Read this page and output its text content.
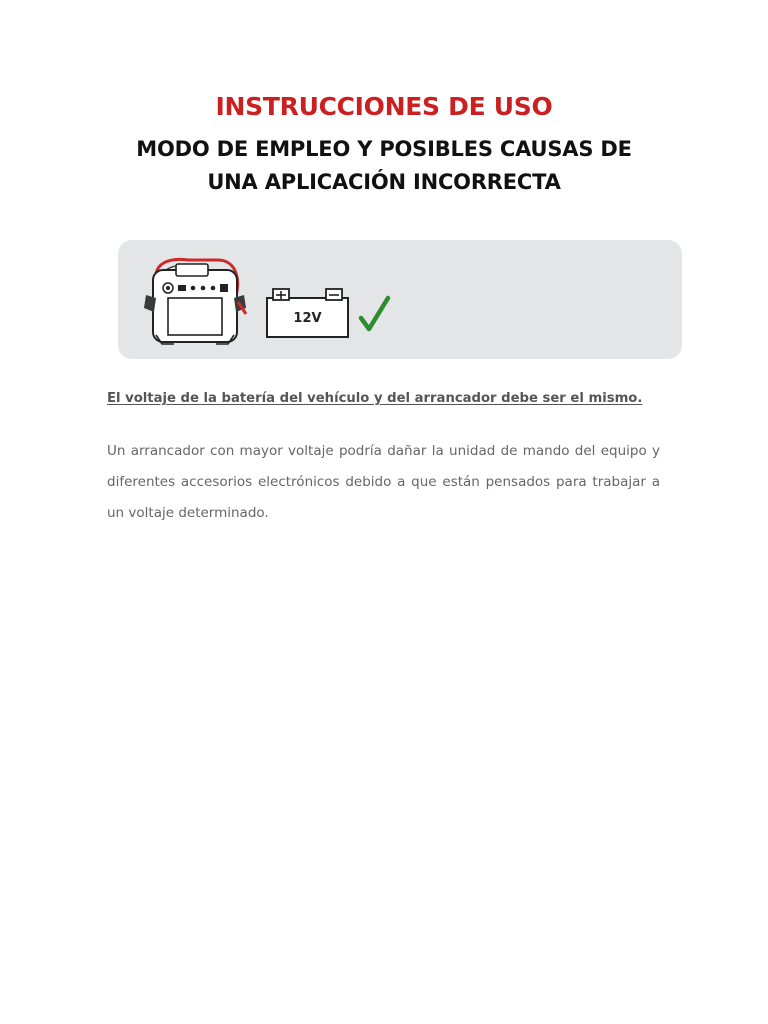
INSTRUCCIONES DE USO
MODO DE EMPLEO Y POSIBLES CAUSAS DE
UNA APLICACIÓN INCORRECTA
12V

El voltaje de la batería del vehículo y del arrancador debe ser el mismo.

Un arrancador con mayor voltaje podría dañar la unidad de mando del equipo y diferentes accesorios electrónicos debido a que están pensados para trabajar a un voltaje determinado.
